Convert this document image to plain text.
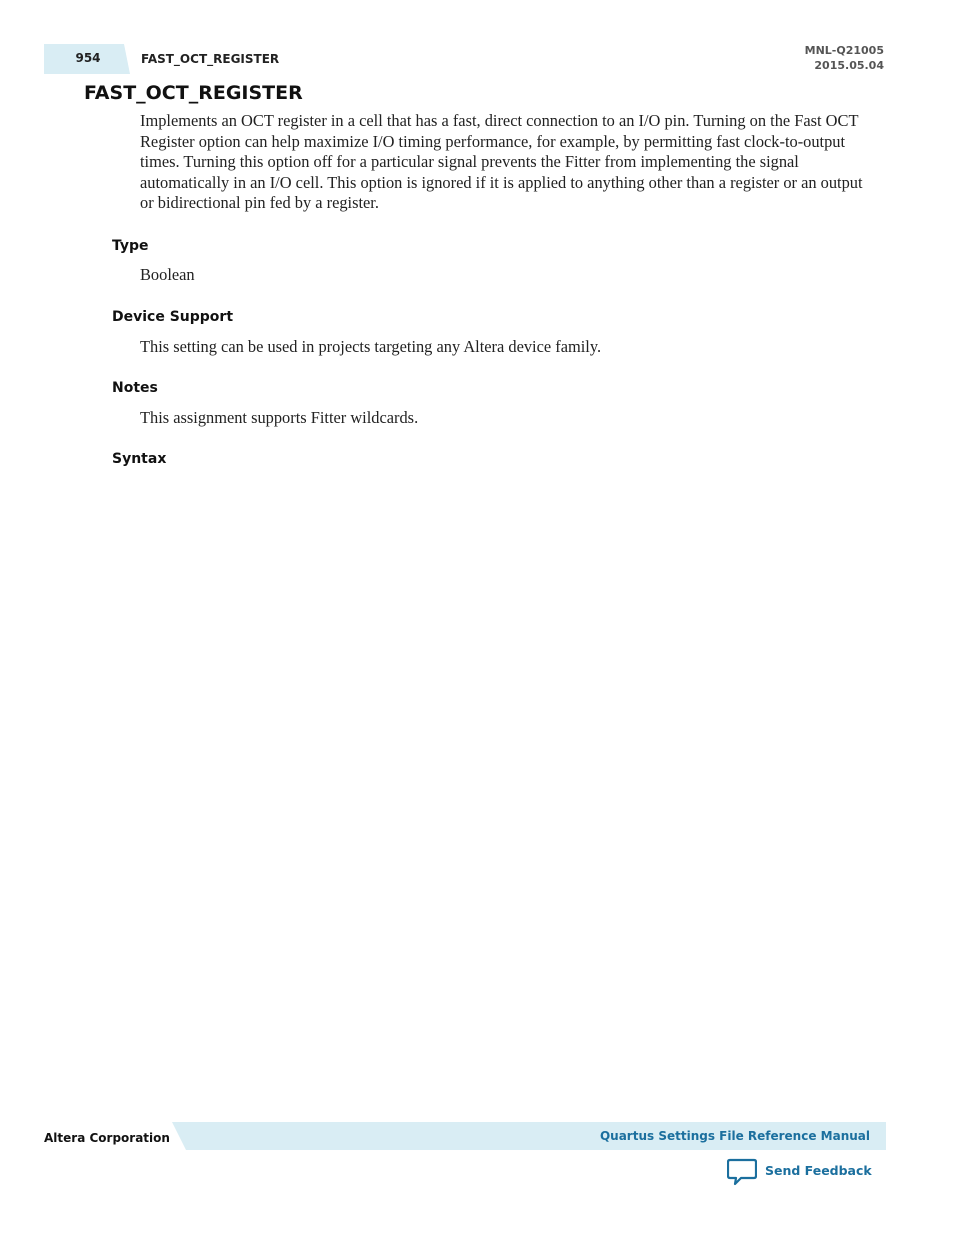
954	FAST_OCT_REGISTER
MNL-Q21005
2015.05.04
FAST_OCT_REGISTER

Implements an OCT register in a cell that has a fast, direct connection to an I/O pin. Turning on the Fast OCT Register option can help maximize I/O timing performance, for example, by permitting fast clock-to-output times. Turning this option off for a particular signal prevents the Fitter from implementing the signal automatically in an I/O cell. This option is ignored if it is applied to anything other than a register or an output or bidirectional pin fed by a register.

Type
Boolean
Device Support
This setting can be used in projects targeting any Altera device family.
Notes
This assignment supports Fitter wildcards.
Syntax
Altera Corporation	Quartus Settings File Reference Manual
Send Feedback
